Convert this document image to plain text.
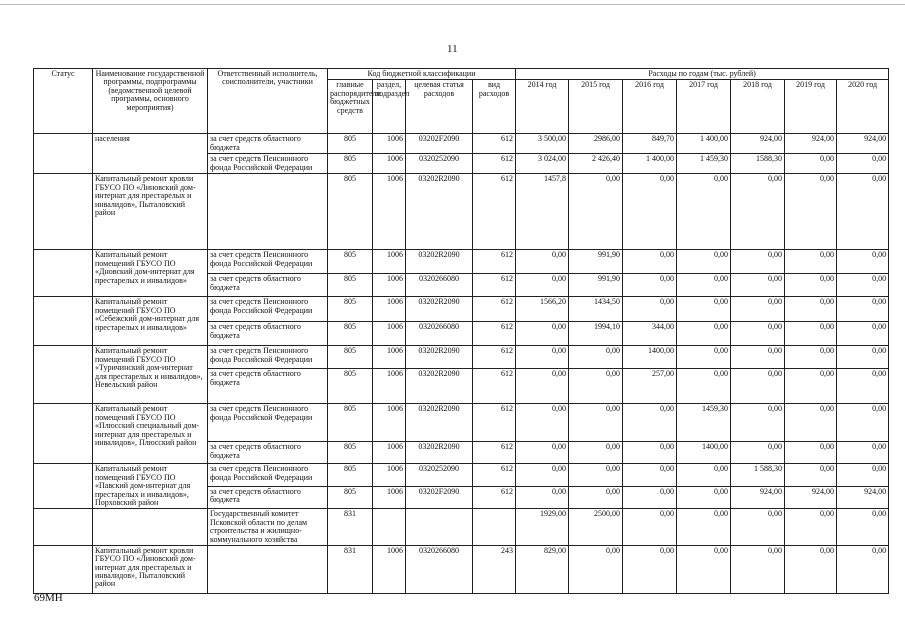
11
Статус	Наименование государственной программы, подпрограммы (ведомственной целевой программы, основного мероприятия)	Ответственный исполнитель, соисполнители, участники	Код бюджетной классификации				Расходы по годам (тыс. рублей)						
			главные распорядители бюджетных средств	раздел, подраздел	целевая статья расходов	вид расходов	2014 год	2015 год	2016 год	2017 год	2018 год	2019 год	2020 год
	населения	за счет средств областного бюджета	805	1006	03202F2090	612	3 500,00	2986,00	849,70	1 400,00	924,00	924,00	924,00
		за счет средств Пенсионного фонда Российской Федерации	805	1006	0320252090	612	3 024,00	2 426,40	1 400,00	1 459,30	1588,30	0,00	0,00
	Капитальный ремонт кровли ГБУСО ПО «Линовский дом-интернат для престарелых и инвалидов», Пыталовский район		805	1006	03202R2090	612	1457,8	0,00	0,00	0,00	0,00	0,00	0,00
	Капитальный ремонт помещений ГБУСО ПО «Дновский дом-интернат для престарелых и инвалидов»	за счет средств Пенсионного фонда Российской Федерации	805	1006	03202R2090	612	0,00	991,90	0,00	0,00	0,00	0,00	0,00
		за счет средств областного бюджета	805	1006	0320266080	612	0,00	991,90	0,00	0,00	0,00	0,00	0,00
	Капитальный ремонт помещений ГБУСО ПО «Себежский дом-интернат для престарелых и инвалидов»	за счет средств Пенсионного фонда Российской Федерации	805	1006	03202R2090	612	1566,20	1434,50	0,00	0,00	0,00	0,00	0,00
		за счет средств областного бюджета	805	1006	0320266080	612	0,00	1994,10	344,00	0,00	0,00	0,00	0,00
	Капитальный ремонт помещений ГБУСО ПО «Туричинский дом-интернат для престарелых и инвалидов», Невельский район	за счет средств Пенсионного фонда Российской Федерации	805	1006	03202R2090	612	0,00	0,00	1400,00	0,00	0,00	0,00	0,00
		за счет средств областного бюджета	805	1006	03202R2090	612	0,00	0,00	257,00	0,00	0,00	0,00	0,00
	Капитальный ремонт помещений ГБУСО ПО «Плюсский специальный дом-интернат для престарелых и инвалидов», Плюсский район	за счет средств Пенсионного фонда Российской Федерации	805	1006	03202R2090	612	0,00	0,00	0,00	1459,30	0,00	0,00	0,00
		за счет средств областного бюджета	805	1006	03202R2090	612	0,00	0,00	0,00	1400,00	0,00	0,00	0,00
	Капитальный ремонт помещений ГБУСО ПО «Павский дом-интернат для престарелых и инвалидов», Порховский район	за счет средств Пенсионного фонда Российской Федерации	805	1006	0320252090	612	0,00	0,00	0,00	0,00	1 588,30	0,00	0,00
		за счет средств областного бюджета	805	1006	03202F2090	612	0,00	0,00	0,00	0,00	924,00	924,00	924,00
		Государственный комитет Псковской области по делам строительства и жилищно-коммунального хозяйства	831				1929,00	2500,00	0,00	0,00	0,00	0,00	0,00
	Капитальный ремонт кровли ГБУСО ПО «Линовский дом-интернат для престарелых и инвалидов», Пыталовский район		831	1006	0320266080	243	829,00	0,00	0,00	0,00	0,00	0,00	0,00
69МН
